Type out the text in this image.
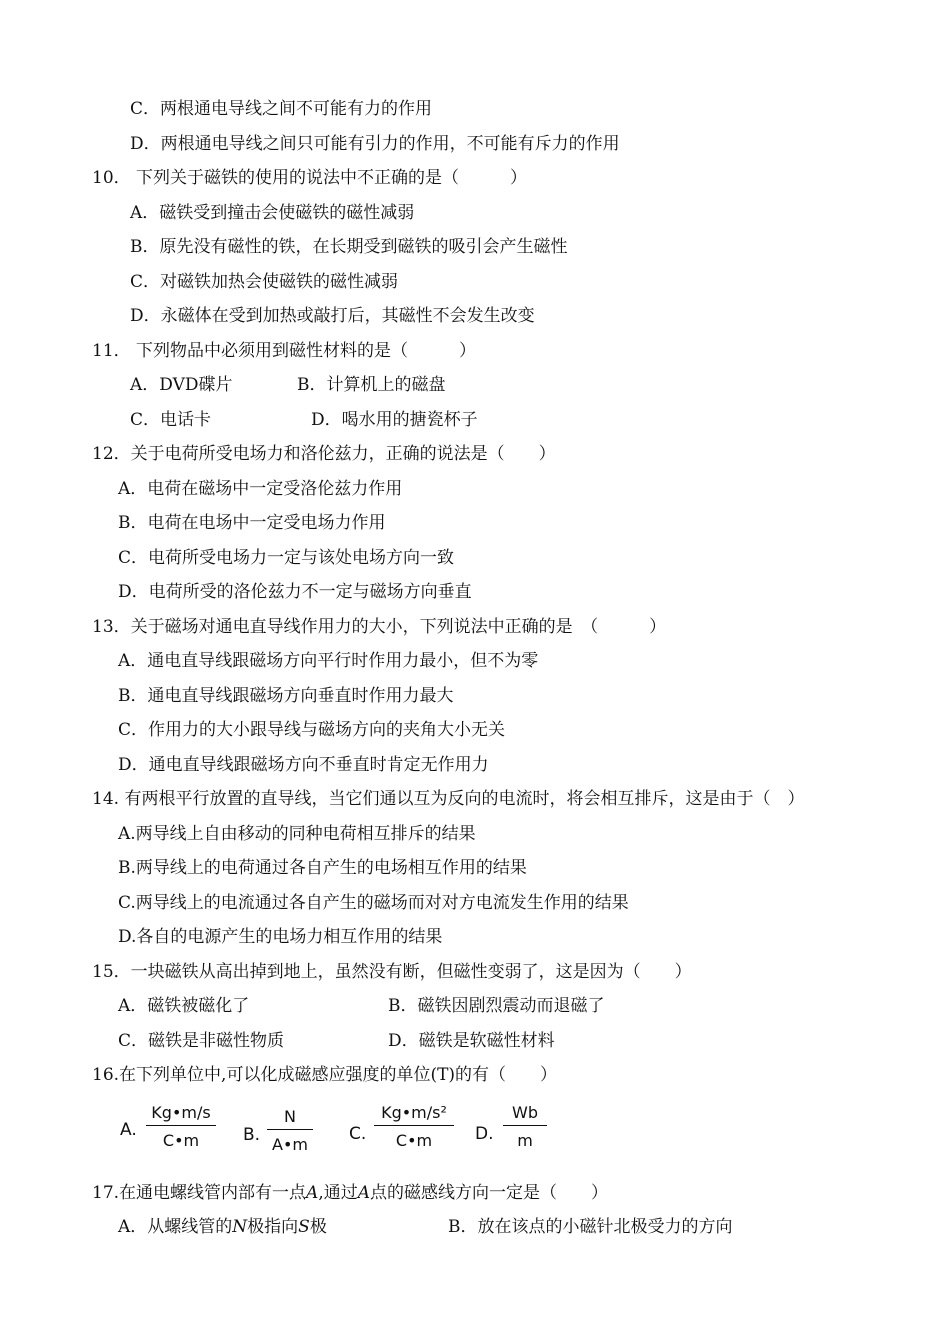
C．两根通电导线之间不可能有力的作用
D．两根通电导线之间只可能有引力的作用，不可能有斥力的作用
10． 下列关于磁铁的使用的说法中不正确的是（　　　）
A．磁铁受到撞击会使磁铁的磁性减弱
B．原先没有磁性的铁，在长期受到磁铁的吸引会产生磁性
C．对磁铁加热会使磁铁的磁性减弱
D．永磁体在受到加热或敲打后，其磁性不会发生改变
11． 下列物品中必须用到磁性材料的是（　　　）
A．DVD碟片	B．计算机上的磁盘
C．电话卡	D．喝水用的搪瓷杯子
12．关于电荷所受电场力和洛伦兹力，正确的说法是（　　）
A．电荷在磁场中一定受洛伦兹力作用
B．电荷在电场中一定受电场力作用
C．电荷所受电场力一定与该处电场方向一致
D．电荷所受的洛伦兹力不一定与磁场方向垂直
13．关于磁场对通电直导线作用力的大小，下列说法中正确的是　（　　　）
A．通电直导线跟磁场方向平行时作用力最小，但不为零
B．通电直导线跟磁场方向垂直时作用力最大
C．作用力的大小跟导线与磁场方向的夹角大小无关
D．通电直导线跟磁场方向不垂直时肯定无作用力
14. 有两根平行放置的直导线，当它们通以互为反向的电流时，将会相互排斥，这是由于（　）
A.两导线上自由移动的同种电荷相互排斥的结果
B.两导线上的电荷通过各自产生的电场相互作用的结果
C.两导线上的电流通过各自产生的磁场而对对方电流发生作用的结果
D.各自的电源产生的电场力相互作用的结果
15．一块磁铁从高出掉到地上，虽然没有断，但磁性变弱了，这是因为（　　）
A．磁铁被磁化了	B．磁铁因剧烈震动而退磁了
C．磁铁是非磁性物质	D．磁铁是软磁性材料
16.在下列单位中,可以化成磁感应强度的单位(T)的有（　　）
A. $\frac{Kg•m/s}{C•m} B$. $\frac{N}{A•m} C$. $\frac{\text{Kg•m/s²}}{C•m} D$. $\frac{Wb}{m}$
17.在通电螺线管内部有一点A,通过A点的磁感线方向一定是（　　）
A．从螺线管的N极指向S极	B．放在该点的小磁针北极受力的方向
